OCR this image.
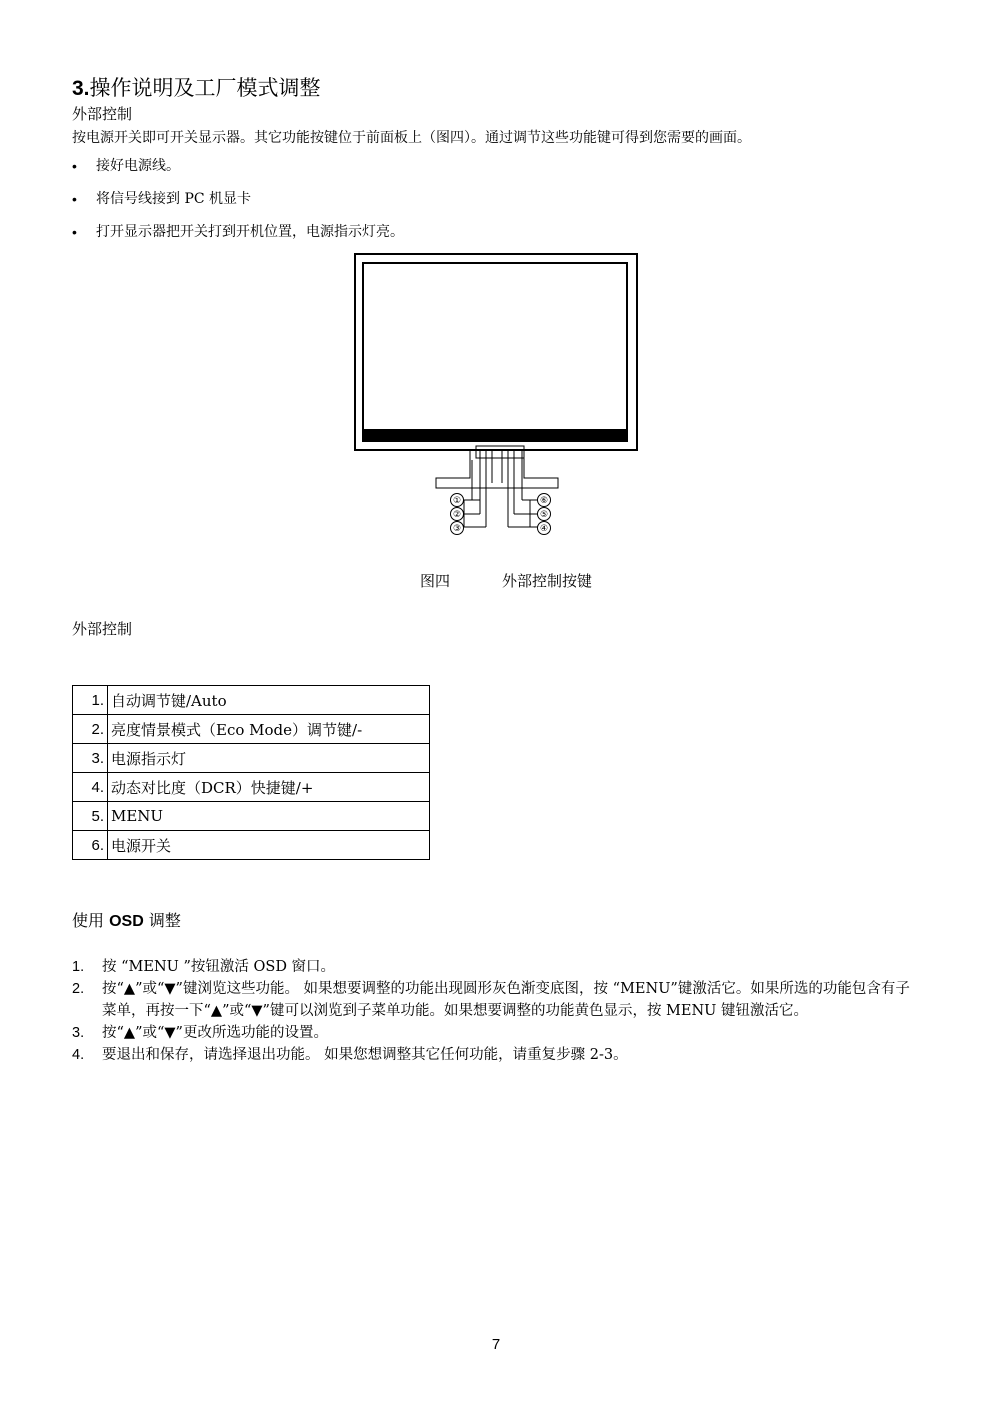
3.操作说明及工厂模式调整
外部控制
按电源开关即可开关显示器。其它功能按键位于前面板上（图四）。通过调节这些功能键可得到您需要的画面。
• 接好电源线。
• 将信号线接到 PC 机显卡
• 打开显示器把开关打到开机位置，电源指示灯亮。
①
②
③
⑥
⑤
④
图四	外部控制按键
外部控制
1.	自动调节键/Auto
2.	亮度情景模式（Eco Mode）调节键/-
3.	电源指示灯
4.	动态对比度（DCR）快捷键/+
5.	MENU
6.	电源开关
使用 OSD 调整
1. 按 “MENU ”按钮激活 OSD 窗口。
2. 按“▲”或“▼”键浏览这些功能。 如果想要调整的功能出现圆形灰色渐变底图，按 “MENU”键激活它。如果所选的功能包含有子菜单，再按一下“▲”或“▼”键可以浏览到子菜单功能。如果想要调整的功能黄色显示，按 MENU 键钮激活它。
3. 按“▲”或“▼”更改所选功能的设置。
4. 要退出和保存，请选择退出功能。 如果您想调整其它任何功能，请重复步骤 2-3。
7
